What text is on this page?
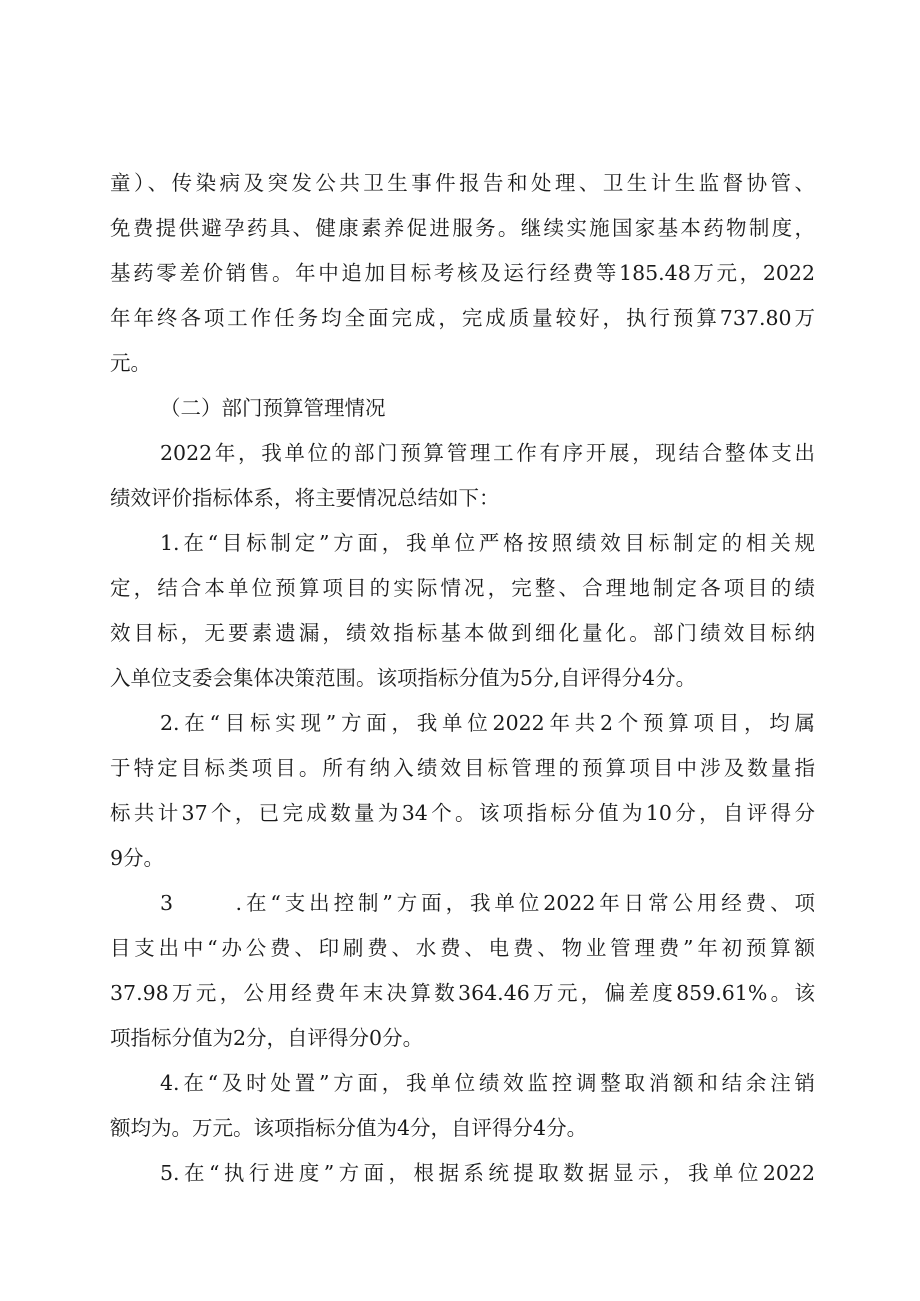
童）、传染病及突发公共卫生事件报告和处理、卫生计生监督协管、
免费提供避孕药具、健康素养促进服务。继续实施国家基本药物制度，
基药零差价销售。年中追加目标考核及运行经费等185.48万元，2022
年年终各项工作任务均全面完成，完成质量较好，执行预算737.80万
元。
（二）部门预算管理情况
2022年，我单位的部门预算管理工作有序开展，现结合整体支出
绩效评价指标体系，将主要情况总结如下：
1.在“目标制定”方面，我单位严格按照绩效目标制定的相关规
定，结合本单位预算项目的实际情况，完整、合理地制定各项目的绩
效目标，无要素遗漏，绩效指标基本做到细化量化。部门绩效目标纳
入单位支委会集体决策范围。该项指标分值为5分,自评得分4分。
2.在“目标实现”方面，我单位2022年共2个预算项目，均属
于特定目标类项目。所有纳入绩效目标管理的预算项目中涉及数量指
标共计37个，已完成数量为34个。该项指标分值为10分，自评得分
9分。
3      .在“支出控制”方面，我单位2022年日常公用经费、项
目支出中“办公费、印刷费、水费、电费、物业管理费”年初预算额
37.98万元，公用经费年末决算数364.46万元，偏差度859.61%。该
项指标分值为2分，自评得分0分。
4.在“及时处置”方面，我单位绩效监控调整取消额和结余注销
额均为。万元。该项指标分值为4分，自评得分4分。
5.在“执行进度”方面，根据系统提取数据显示，我单位2022
